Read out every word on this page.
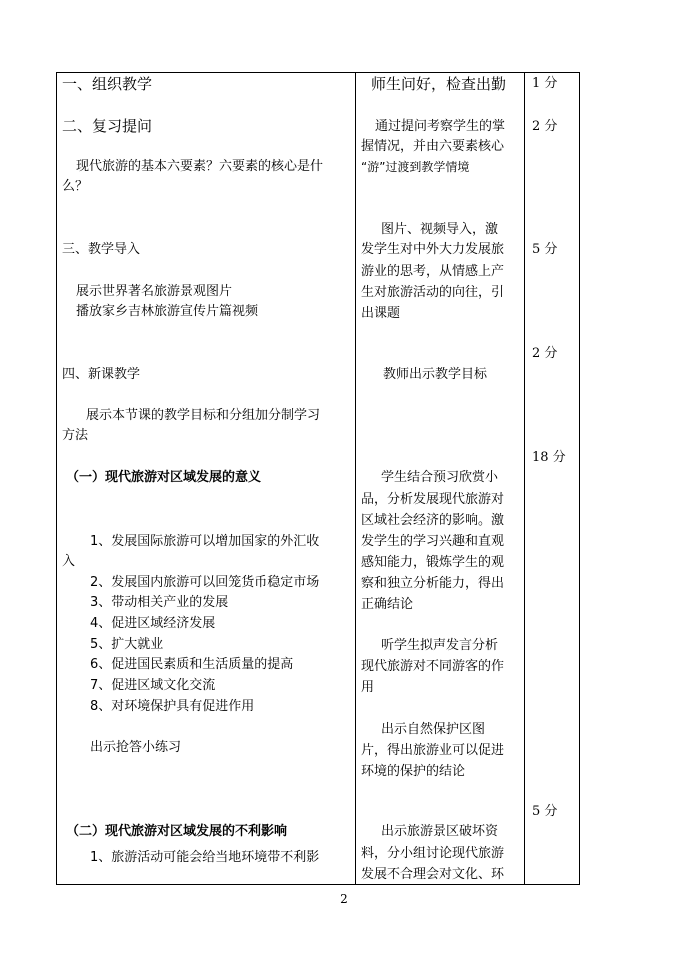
一、组织教学
二、复习提问
现代旅游的基本六要素？六要素的核心是什
么？
三、教学导入
展示世界著名旅游景观图片
播放家乡吉林旅游宣传片篇视频
四、新课教学
展示本节课的教学目标和分组加分制学习
方法
（一）现代旅游对区域发展的意义
1、发展国际旅游可以增加国家的外汇收
入
2、发展国内旅游可以回笼货币稳定市场
3、带动相关产业的发展
4、促进区域经济发展
5、扩大就业
6、促进国民素质和生活质量的提高
7、促进区域文化交流
8、对环境保护具有促进作用
出示抢答小练习
（二）现代旅游对区域发展的不利影响
1、旅游活动可能会给当地环境带不利影
师生问好，检查出勤
通过提问考察学生的掌
握情况，并由六要素核心
“游”过渡到教学情境
图片、视频导入，激
发学生对中外大力发展旅
游业的思考，从情感上产
生对旅游活动的向往，引
出课题
教师出示教学目标
学生结合预习欣赏小
品，分析发展现代旅游对
区域社会经济的影响。激
发学生的学习兴趣和直观
感知能力，锻炼学生的观
察和独立分析能力，得出
正确结论
听学生拟声发言分析
现代旅游对不同游客的作
用
出示自然保护区图
片，得出旅游业可以促进
环境的保护的结论
出示旅游景区破坏资
料，分小组讨论现代旅游
发展不合理会对文化、环
1 分
2 分
5 分
2 分
18 分
5 分
2
